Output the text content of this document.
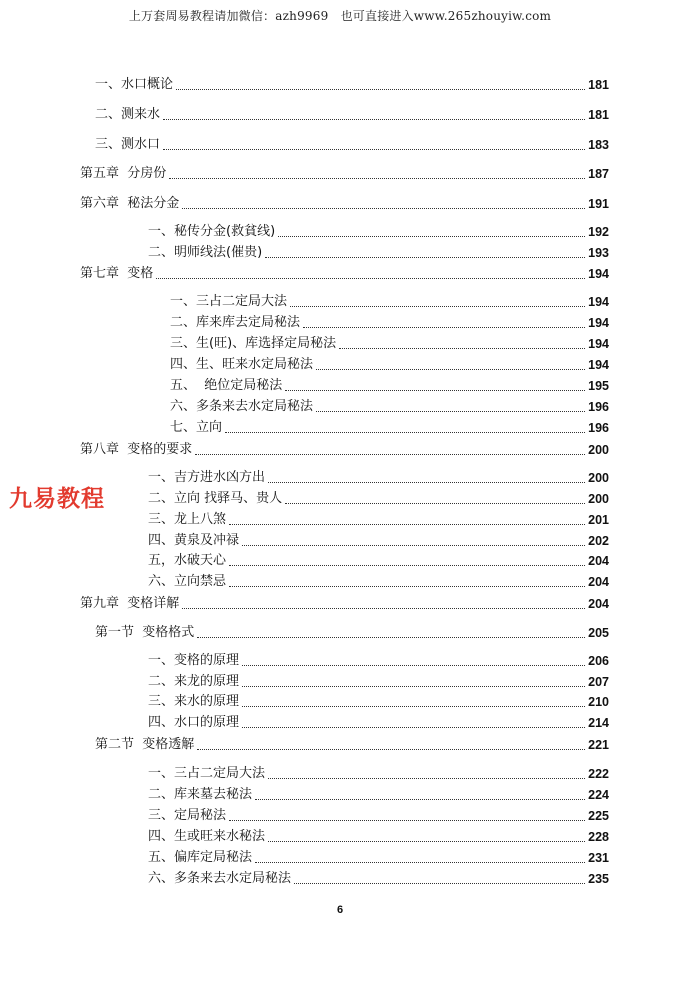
上万套周易教程请加微信：azh9969　也可直接进入www.265zhouyiw.com
一、水口概论	181
二、测来水	181
三、测水口	183
第五章  分房份	187
第六章  秘法分金	191
一、秘传分金(救貧线)	192
二、明师线法(催贵)	193
第七章  变格	194
一、三占二定局大法	194
二、库来库去定局秘法	194
三、生(旺)、库选择定局秘法	194
四、生、旺来水定局秘法	194
五、  绝位定局秘法	195
六、多条来去水定局秘法	196
七、立向	196
第八章  变格的要求	200
一、吉方进水凶方出	200
二、立向 找驿马、贵人	200
三、龙上八煞	201
四、黄泉及冲禄	202
五，水破天心	204
六、立向禁忌	204
第九章  变格详解	204
第一节  变格格式	205
一、变格的原理	206
二、来龙的原理	207
三、来水的原理	210
四、水口的原理	214
第二节  变格透解	221
一、三占二定局大法	222
二、库来墓去秘法	224
三、定局秘法	225
四、生或旺来水秘法	228
五、偏库定局秘法	231
六、多条来去水定局秘法	235
九易教程
6
